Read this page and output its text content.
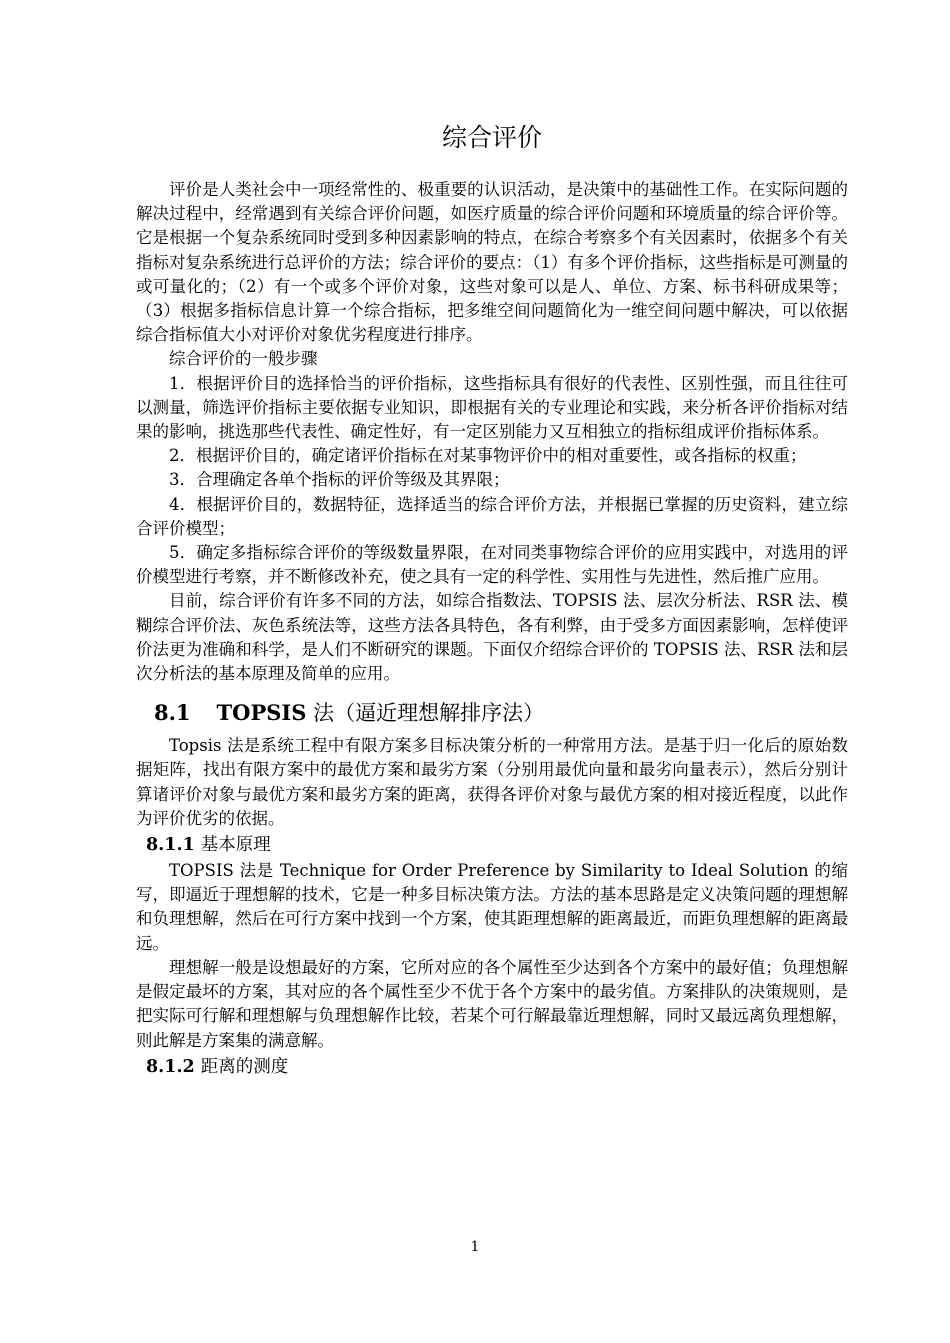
综合评价

评价是人类社会中一项经常性的、极重要的认识活动，是决策中的基础性工作。在实际问题的解决过程中，经常遇到有关综合评价问题，如医疗质量的综合评价问题和环境质量的综合评价等。它是根据一个复杂系统同时受到多种因素影响的特点，在综合考察多个有关因素时，依据多个有关指标对复杂系统进行总评价的方法；综合评价的要点：（1）有多个评价指标，这些指标是可测量的或可量化的；（2）有一个或多个评价对象，这些对象可以是人、单位、方案、标书科研成果等；（3）根据多指标信息计算一个综合指标，把多维空间问题简化为一维空间问题中解决，可以依据综合指标值大小对评价对象优劣程度进行排序。

综合评价的一般步骤

1．根据评价目的选择恰当的评价指标，这些指标具有很好的代表性、区别性强，而且往往可以测量，筛选评价指标主要依据专业知识，即根据有关的专业理论和实践，来分析各评价指标对结果的影响，挑选那些代表性、确定性好，有一定区别能力又互相独立的指标组成评价指标体系。

2．根据评价目的，确定诸评价指标在对某事物评价中的相对重要性，或各指标的权重；

3．合理确定各单个指标的评价等级及其界限；

4．根据评价目的，数据特征，选择适当的综合评价方法，并根据已掌握的历史资料，建立综合评价模型；

5．确定多指标综合评价的等级数量界限，在对同类事物综合评价的应用实践中，对选用的评价模型进行考察，并不断修改补充，使之具有一定的科学性、实用性与先进性，然后推广应用。

目前，综合评价有许多不同的方法，如综合指数法、TOPSIS 法、层次分析法、RSR 法、模糊综合评价法、灰色系统法等，这些方法各具特色，各有利弊，由于受多方面因素影响，怎样使评价法更为准确和科学，是人们不断研究的课题。下面仅介绍综合评价的 TOPSIS 法、RSR 法和层次分析法的基本原理及简单的应用。

8.1 TOPSIS 法（逼近理想解排序法）

Topsis 法是系统工程中有限方案多目标决策分析的一种常用方法。是基于归一化后的原始数据矩阵，找出有限方案中的最优方案和最劣方案（分别用最优向量和最劣向量表示），然后分别计算诸评价对象与最优方案和最劣方案的距离，获得各评价对象与最优方案的相对接近程度，以此作为评价优劣的依据。

8.1.1 基本原理

TOPSIS 法是 Technique for Order Preference by Similarity to Ideal Solution 的缩写，即逼近于理想解的技术，它是一种多目标决策方法。方法的基本思路是定义决策问题的理想解和负理想解，然后在可行方案中找到一个方案，使其距理想解的距离最近，而距负理想解的距离最远。

理想解一般是设想最好的方案，它所对应的各个属性至少达到各个方案中的最好值；负理想解是假定最坏的方案，其对应的各个属性至少不优于各个方案中的最劣值。方案排队的决策规则，是把实际可行解和理想解与负理想解作比较，若某个可行解最靠近理想解，同时又最远离负理想解，则此解是方案集的满意解。

8.1.2 距离的测度
1
